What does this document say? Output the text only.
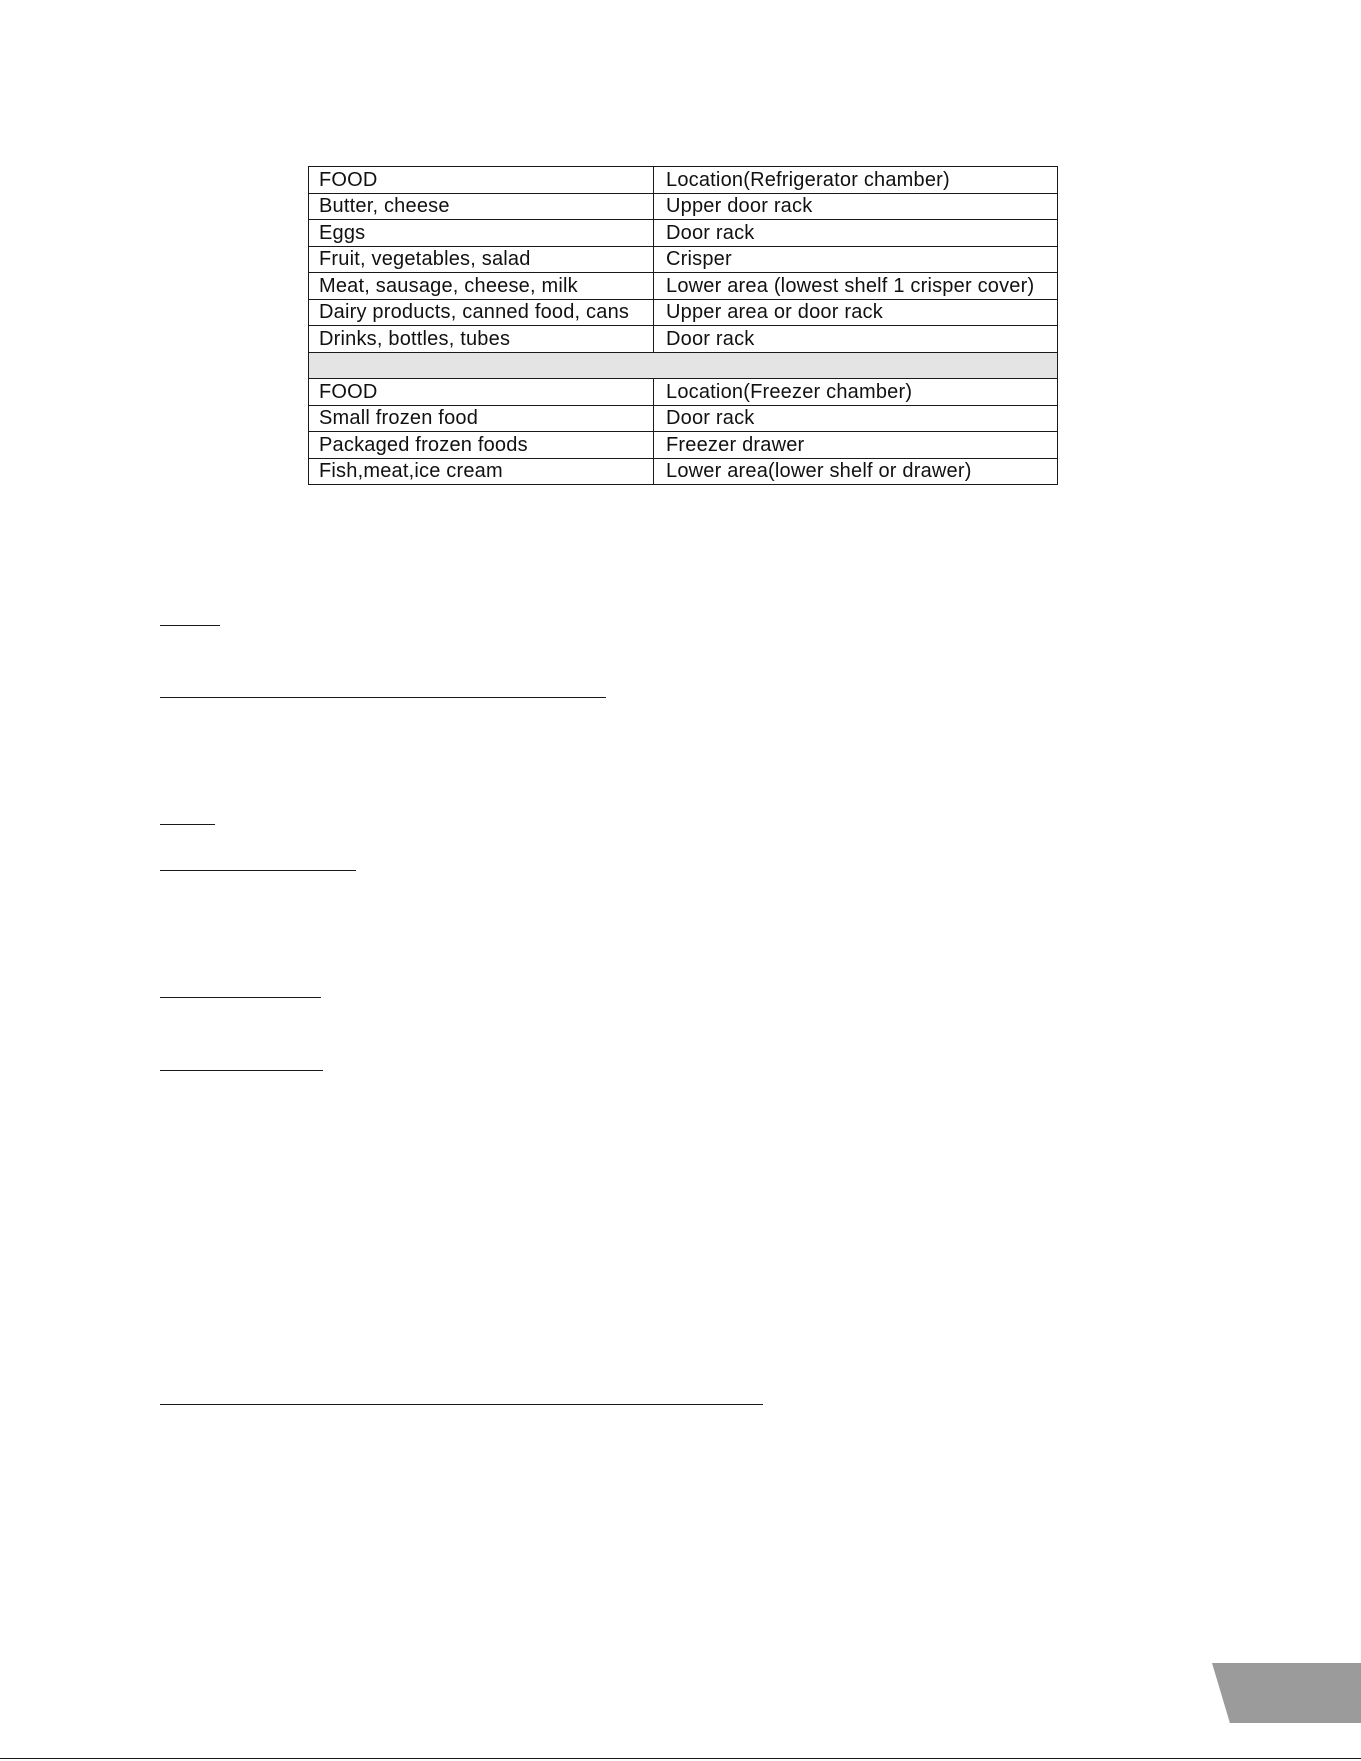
FOOD	Location(Refrigerator chamber)
Butter, cheese	Upper door rack
Eggs	Door rack
Fruit, vegetables, salad	Crisper
Meat, sausage, cheese, milk	Lower area (lowest shelf 1 crisper cover)
Dairy products, canned food, cans	Upper area or door rack
Drinks, bottles, tubes	Door rack

FOOD	Location(Freezer chamber)
Small frozen food	Door rack
Packaged frozen foods	Freezer drawer
Fish,meat,ice cream	Lower area(lower shelf or drawer)
